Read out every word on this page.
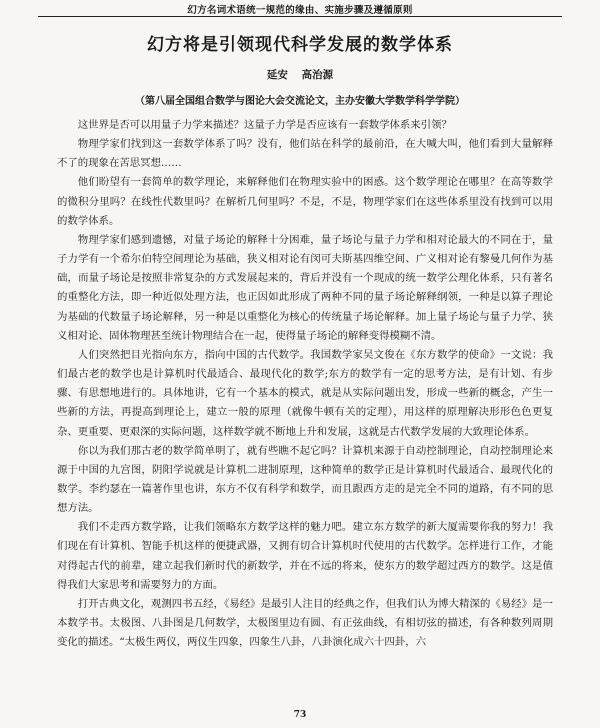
幻方名词术语统一规范的缘由、实施步骤及遵循原则
幻方将是引领现代科学发展的数学体系
延安 高治源
（第八届全国组合数学与图论大会交流论文，主办安徽大学数学科学学院）

这世界是否可以用量子力学来描述？这量子力学是否应该有一套数学体系来引领？

物理学家们找到这一套数学体系了吗？没有，他们站在科学的最前沿，在大喊大叫，他们看到大量解释不了的现象在苦思冥想……

他们盼望有一套简单的数学理论，来解释他们在物理实验中的困惑。这个数学理论在哪里？在高等数学的微积分里吗？在线性代数里吗？在解析几何里吗？不是，不是，物理学家们在这些体系里没有找到可以用的数学体系。

物理学家们感到遗憾，对量子场论的解释十分困难，量子场论与量子力学和相对论最大的不同在于，量子力学有一个希尔伯特空间理论为基础，狭义相对论有闵可夫斯基四维空间、广义相对论有黎曼几何作为基础，而量子场论是按照非常复杂的方式发展起来的，背后并没有一个现成的统一数学公理化体系，只有著名的重整化方法，即一种近似处理方法，也正因如此形成了两种不同的量子场论解释纲领，一种是以算子理论为基础的代数量子场论解释，另一种是以重整化为核心的传统量子场论解释。加上量子场论与量子力学、狭义相对论、固体物理甚至统计物理结合在一起，使得量子场论的解释变得模糊不清。

人们突然把目光指向东方，指向中国的古代数学。我国数学家吴文俊在《东方数学的使命》一文说：我们最古老的数学也是计算机时代最适合、最现代化的数学;东方的数学有一定的思考方法，是有计划、有步骤、有思想地进行的。具体地讲，它有一个基本的模式，就是从实际问题出发，形成一些新的概念，产生一些新的方法，再提高到理论上，建立一般的原理（就像牛顿有关的定理），用这样的原理解决形形色色更复杂、更重要、更艰深的实际问题，这样数学就不断地上升和发展，这就是古代数学发展的大致理论体系。

你以为我们那古老的数学简单明了，就有些瞧不起它吗？计算机来源于自动控制理论，自动控制理论来源于中国的九宫图，阴阳学说就是计算机二进制原理，这种简单的数学正是计算机时代最适合、最现代化的数学。李约瑟在一篇著作里也讲，东方不仅有科学和数学，而且跟西方走的是完全不同的道路，有不同的思想方法。

我们不走西方数学路，让我们领略东方数学这样的魅力吧。建立东方数学的新大厦需要你我的努力！我们现在有计算机、智能手机这样的便捷武器，又拥有切合计算机时代使用的古代数学。怎样进行工作，才能对得起古代的前辈，建立起我们新时代的新数学，并在不远的将来，使东方的数学超过西方的数学。这是值得我们大家思考和需要努力的方面。

打开古典文化，观测四书五经，《易经》是最引人注目的经典之作，但我们认为博大精深的《易经》是一本数学书。太极图、八卦图是几何数学，太极图里边有圆、有正弦曲线，有相切弦的描述，有各种数列周期变化的描述。“太极生两仪，两仪生四象，四象生八卦，八卦演化成六十四卦，六

73
